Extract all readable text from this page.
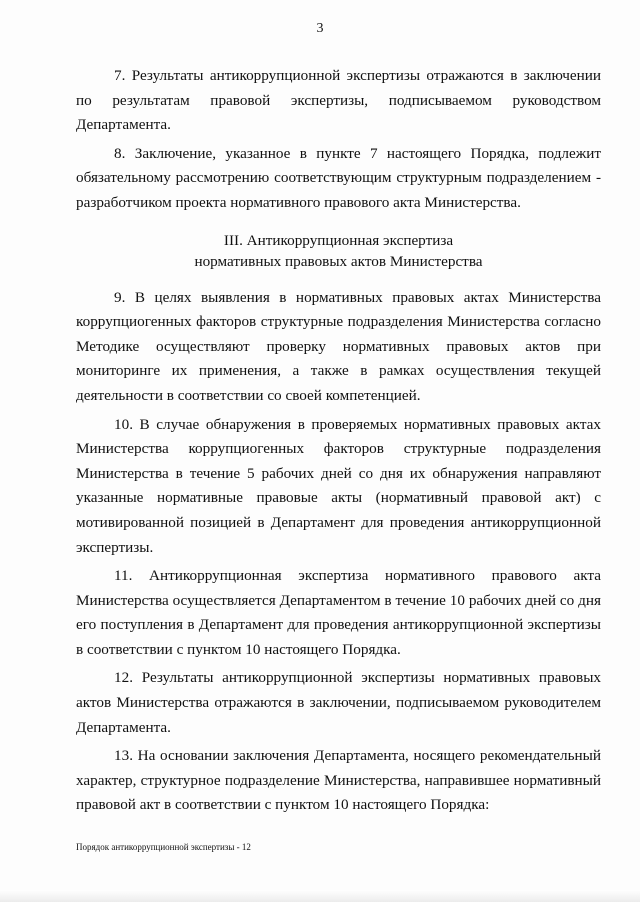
3

7. Результаты антикоррупционной экспертизы отражаются в заключении по результатам правовой экспертизы, подписываемом руководством Департамента.

8. Заключение, указанное в пункте 7 настоящего Порядка, подлежит обязательному рассмотрению соответствующим структурным подразделением - разработчиком проекта нормативного правового акта Министерства.

III. Антикоррупционная экспертиза
нормативных правовых актов Министерства

9. В целях выявления в нормативных правовых актах Министерства коррупциогенных факторов структурные подразделения Министерства согласно Методике осуществляют проверку нормативных правовых актов при мониторинге их применения, а также в рамках осуществления текущей деятельности в соответствии со своей компетенцией.

10. В случае обнаружения в проверяемых нормативных правовых актах Министерства коррупциогенных факторов структурные подразделения Министерства в течение 5 рабочих дней со дня их обнаружения направляют указанные нормативные правовые акты (нормативный правовой акт) с мотивированной позицией в Департамент для проведения антикоррупционной экспертизы.

11. Антикоррупционная экспертиза нормативного правового акта Министерства осуществляется Департаментом в течение 10 рабочих дней со дня его поступления в Департамент для проведения антикоррупционной экспертизы в соответствии с пунктом 10 настоящего Порядка.

12. Результаты антикоррупционной экспертизы нормативных правовых актов Министерства отражаются в заключении, подписываемом руководителем Департамента.

13. На основании заключения Департамента, носящего рекомендательный характер, структурное подразделение Министерства, направившее нормативный правовой акт в соответствии с пунктом 10 настоящего Порядка:

Порядок антикоррупционной экспертизы - 12
